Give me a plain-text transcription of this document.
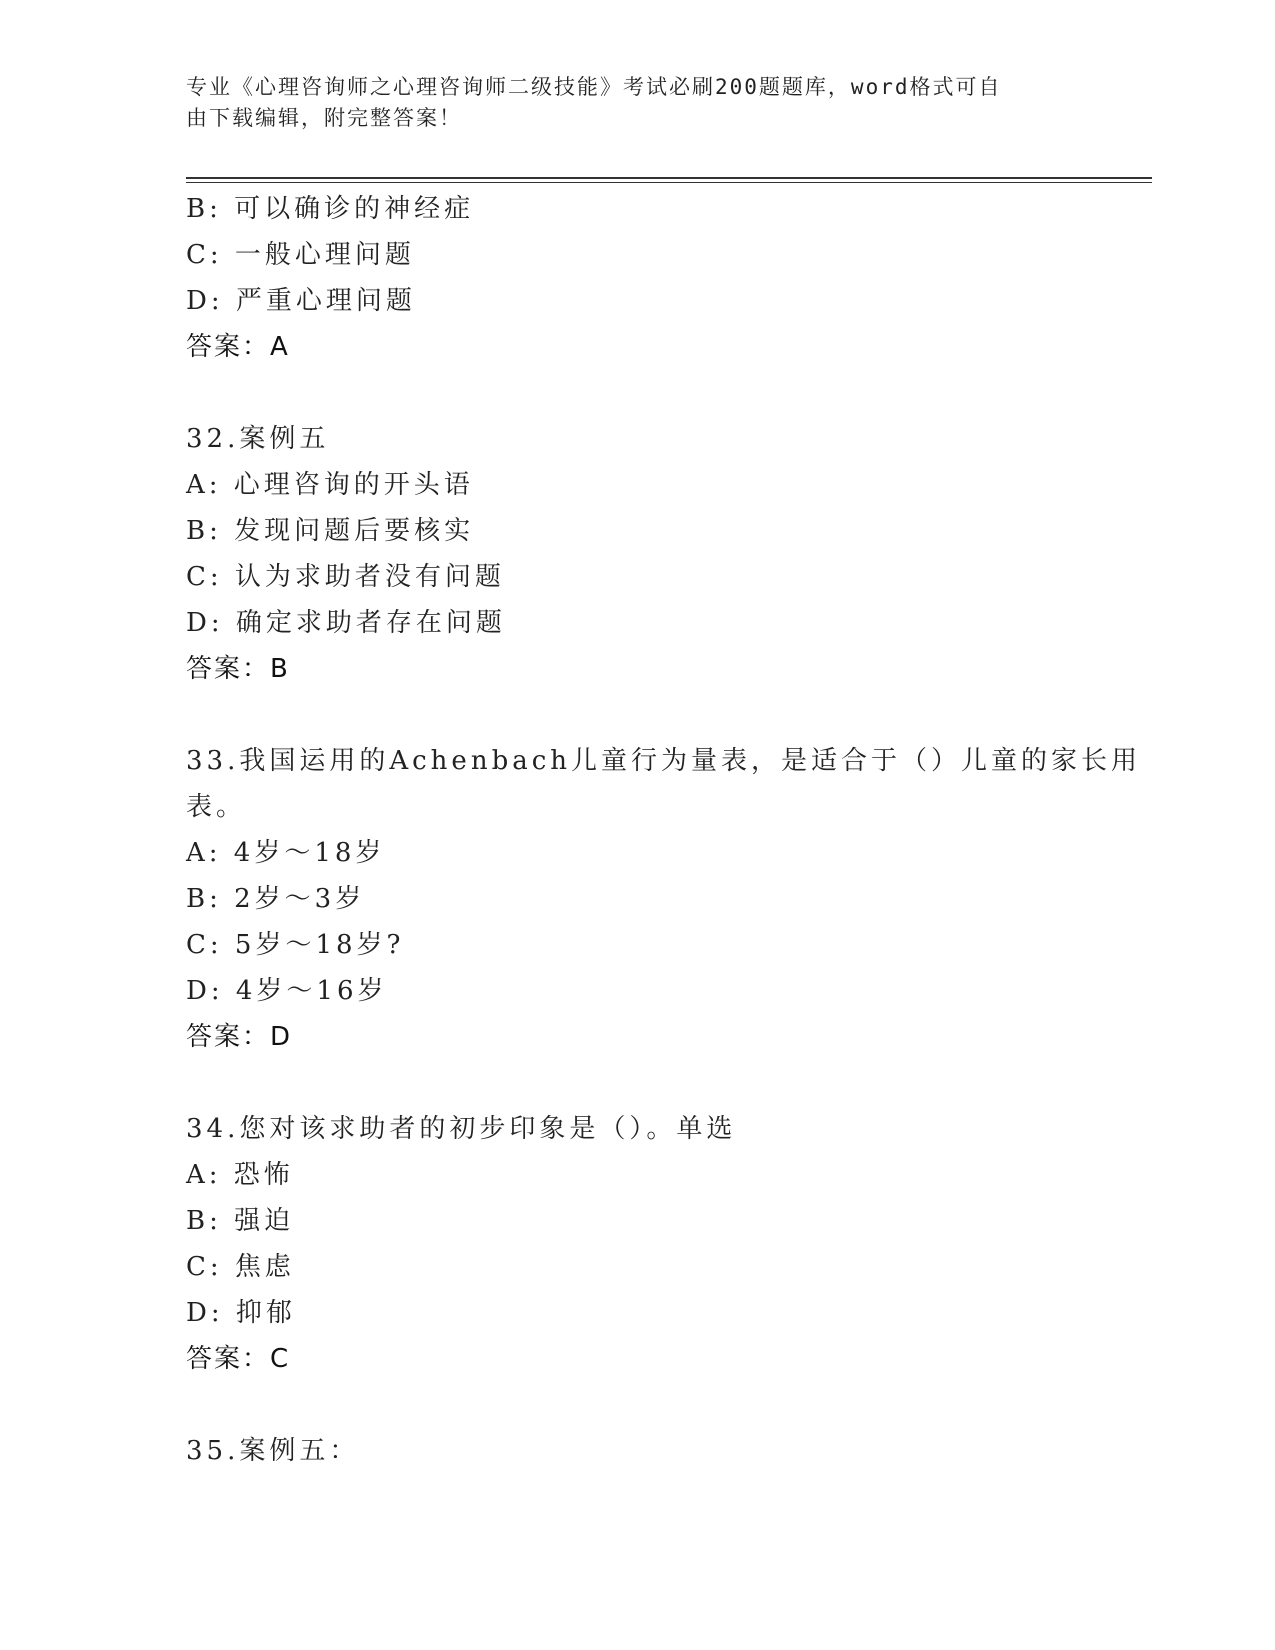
专业《心理咨询师之心理咨询师二级技能》考试必刷200题题库，word格式可自
由下载编辑，附完整答案！
B: 可以确诊的神经症
C: 一般心理问题
D: 严重心理问题
答案：A
32.案例五
A: 心理咨询的开头语
B: 发现问题后要核实
C: 认为求助者没有问题
D: 确定求助者存在问题
答案：B
33.我国运用的Achenbach儿童行为量表，是适合于（）儿童的家长用
表。
A: 4岁～18岁
B: 2岁～3岁
C: 5岁～18岁?
D: 4岁～16岁
答案：D
34.您对该求助者的初步印象是（）。单选
A: 恐怖
B: 强迫
C: 焦虑
D: 抑郁
答案：C
35.案例五：
